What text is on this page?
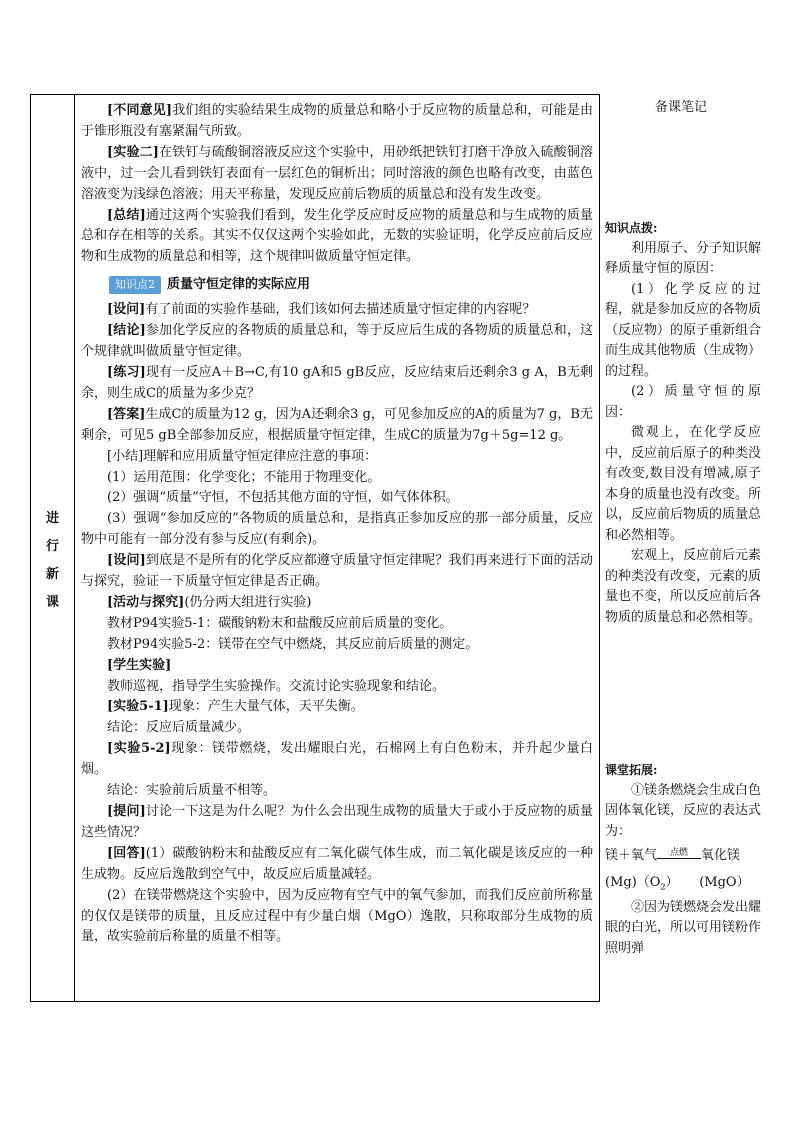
进行新课

[不同意见]我们组的实验结果生成物的质量总和略小于反应物的质量总和，可能是由于锥形瓶没有塞紧漏气所致。

[实验二]在铁钉与硫酸铜溶液反应这个实验中，用砂纸把铁钉打磨干净放入硫酸铜溶液中，过一会儿看到铁钉表面有一层红色的铜析出；同时溶液的颜色也略有改变，由蓝色溶液变为浅绿色溶液；用天平称量，发现反应前后物质的质量总和没有发生改变。

[总结]通过这两个实验我们看到，发生化学反应时反应物的质量总和与生成物的质量总和存在相等的关系。其实不仅仅这两个实验如此，无数的实验证明，化学反应前后反应物和生成物的质量总和相等，这个规律叫做质量守恒定律。

知识点2 质量守恒定律的实际应用

[设问]有了前面的实验作基础，我们该如何去描述质量守恒定律的内容呢？

[结论]参加化学反应的各物质的质量总和，等于反应后生成的各物质的质量总和，这个规律就叫做质量守恒定律。

[练习]现有一反应A＋B→C,有10 gA和5 gB反应，反应结束后还剩余3 g A，B无剩余，则生成C的质量为多少克？

[答案]生成C的质量为12 g，因为A还剩余3 g，可见参加反应的A的质量为7 g，B无剩余，可见5 gB全部参加反应，根据质量守恒定律，生成C的质量为7g＋5g=12 g。

[小结]理解和应用质量守恒定律应注意的事项：

(1）运用范围：化学变化；不能用于物理变化。

(2）强调“质量”守恒，不包括其他方面的守恒，如气体体积。

(3）强调“参加反应的”各物质的质量总和，是指真正参加反应的那一部分质量，反应物中可能有一部分没有参与反应(有剩余)。

[设问]到底是不是所有的化学反应都遵守质量守恒定律呢？我们再来进行下面的活动与探究，验证一下质量守恒定律是否正确。

[活动与探究](仍分两大组进行实验)

教材P94实验5-1：碳酸钠粉末和盐酸反应前后质量的变化。

教材P94实验5-2：镁带在空气中燃烧，其反应前后质量的测定。

[学生实验]

教师巡视，指导学生实验操作。交流讨论实验现象和结论。

[实验5-1]现象：产生大量气体，天平失衡。

结论：反应后质量减少。

[实验5-2]现象：镁带燃烧，发出耀眼白光，石棉网上有白色粉末，并升起少量白烟。

结论：实验前后质量不相等。

[提问]讨论一下这是为什么呢？为什么会出现生成物的质量大于或小于反应物的质量这些情况？

[回答](1）碳酸钠粉末和盐酸反应有二氧化碳气体生成，而二氧化碳是该反应的一种生成物。反应后逸散到空气中，故反应后质量减轻。

(2）在镁带燃烧这个实验中，因为反应物有空气中的氧气参加，而我们反应前所称量的仅仅是镁带的质量，且反应过程中有少量白烟（MgO）逸散，只称取部分生成物的质量，故实验前后称量的质量不相等。

备课笔记

知识点拨:

利用原子、分子知识解释质量守恒的原因：

(1）化学反应的过程，就是参加反应的各物质（反应物）的原子重新组合而生成其他物质（生成物）的过程。

(2）质量守恒的原因：

微观上，在化学反应中，反应前后原子的种类没有改变,数目没有增减,原子本身的质量也没有改变。所以，反应前后物质的质量总和必然相等。

宏观上，反应前后元素的种类没有改变，元素的质量也不变，所以反应前后各物质的质量总和必然相等。

课堂拓展:

①镁条燃烧会生成白色固体氧化镁，反应的表达式为：

镁＋氧气 点燃 氧化镁

$(Mg)(O_2)$ (MgO）

②因为镁燃烧会发出耀眼的白光，所以可用镁粉作照明弹
